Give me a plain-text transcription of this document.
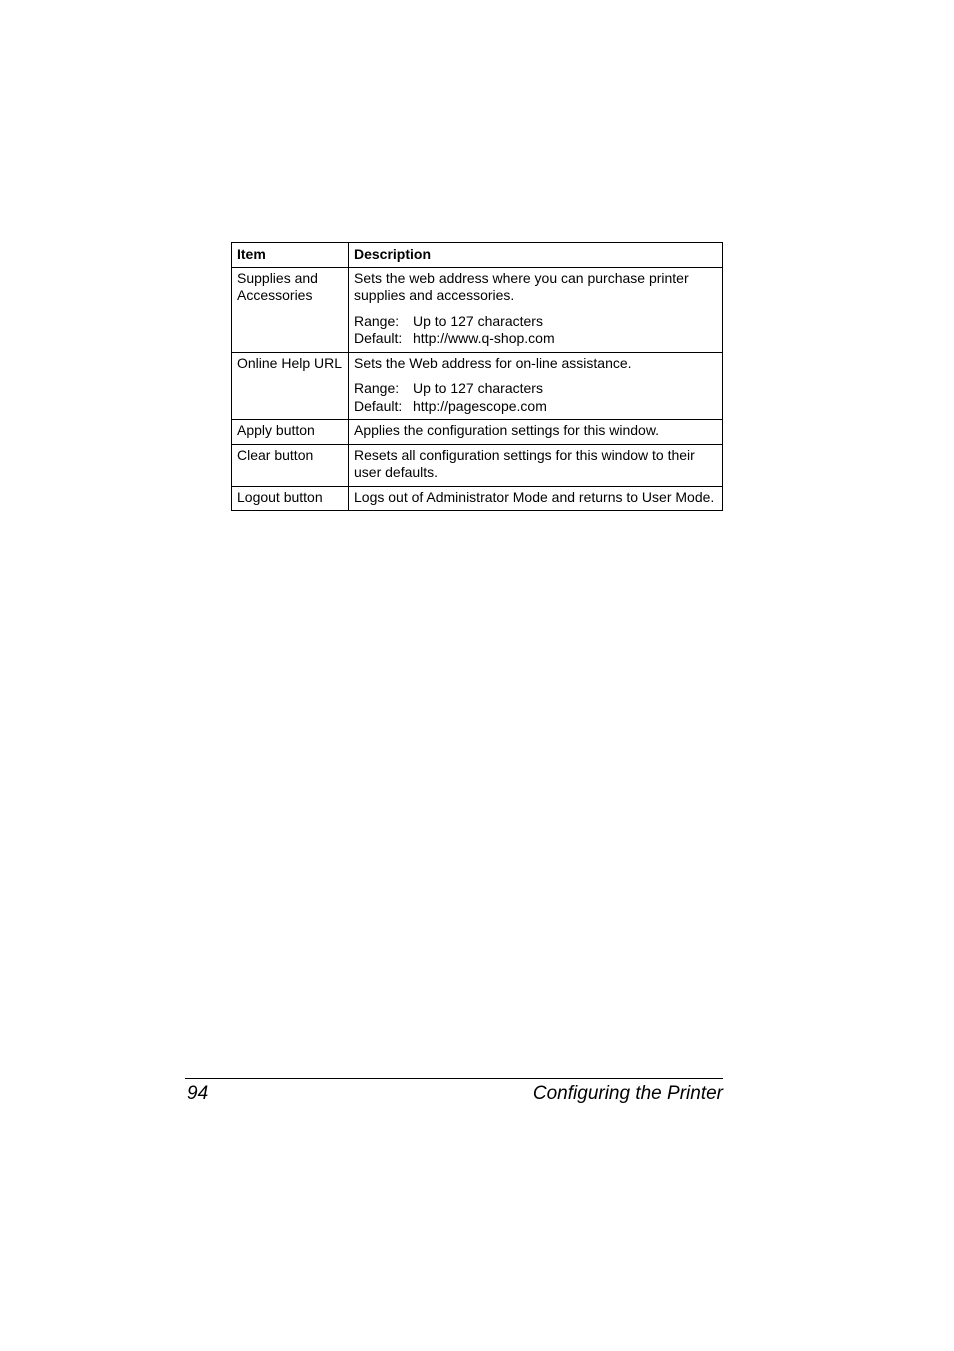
Item	Description
Supplies and Accessories	Sets the web address where you can purchase printer supplies and accessories.

Range: Up to 127 characters
Default: http://www.q-shop.com

Online Help URL	Sets the Web address for on-line assistance.

Range: Up to 127 characters
Default: http://pagescope.com

Apply button	Applies the configuration settings for this window.
Clear button	Resets all configuration settings for this window to their user defaults.
Logout button	Logs out of Administrator Mode and returns to User Mode.
94	Configuring the Printer
